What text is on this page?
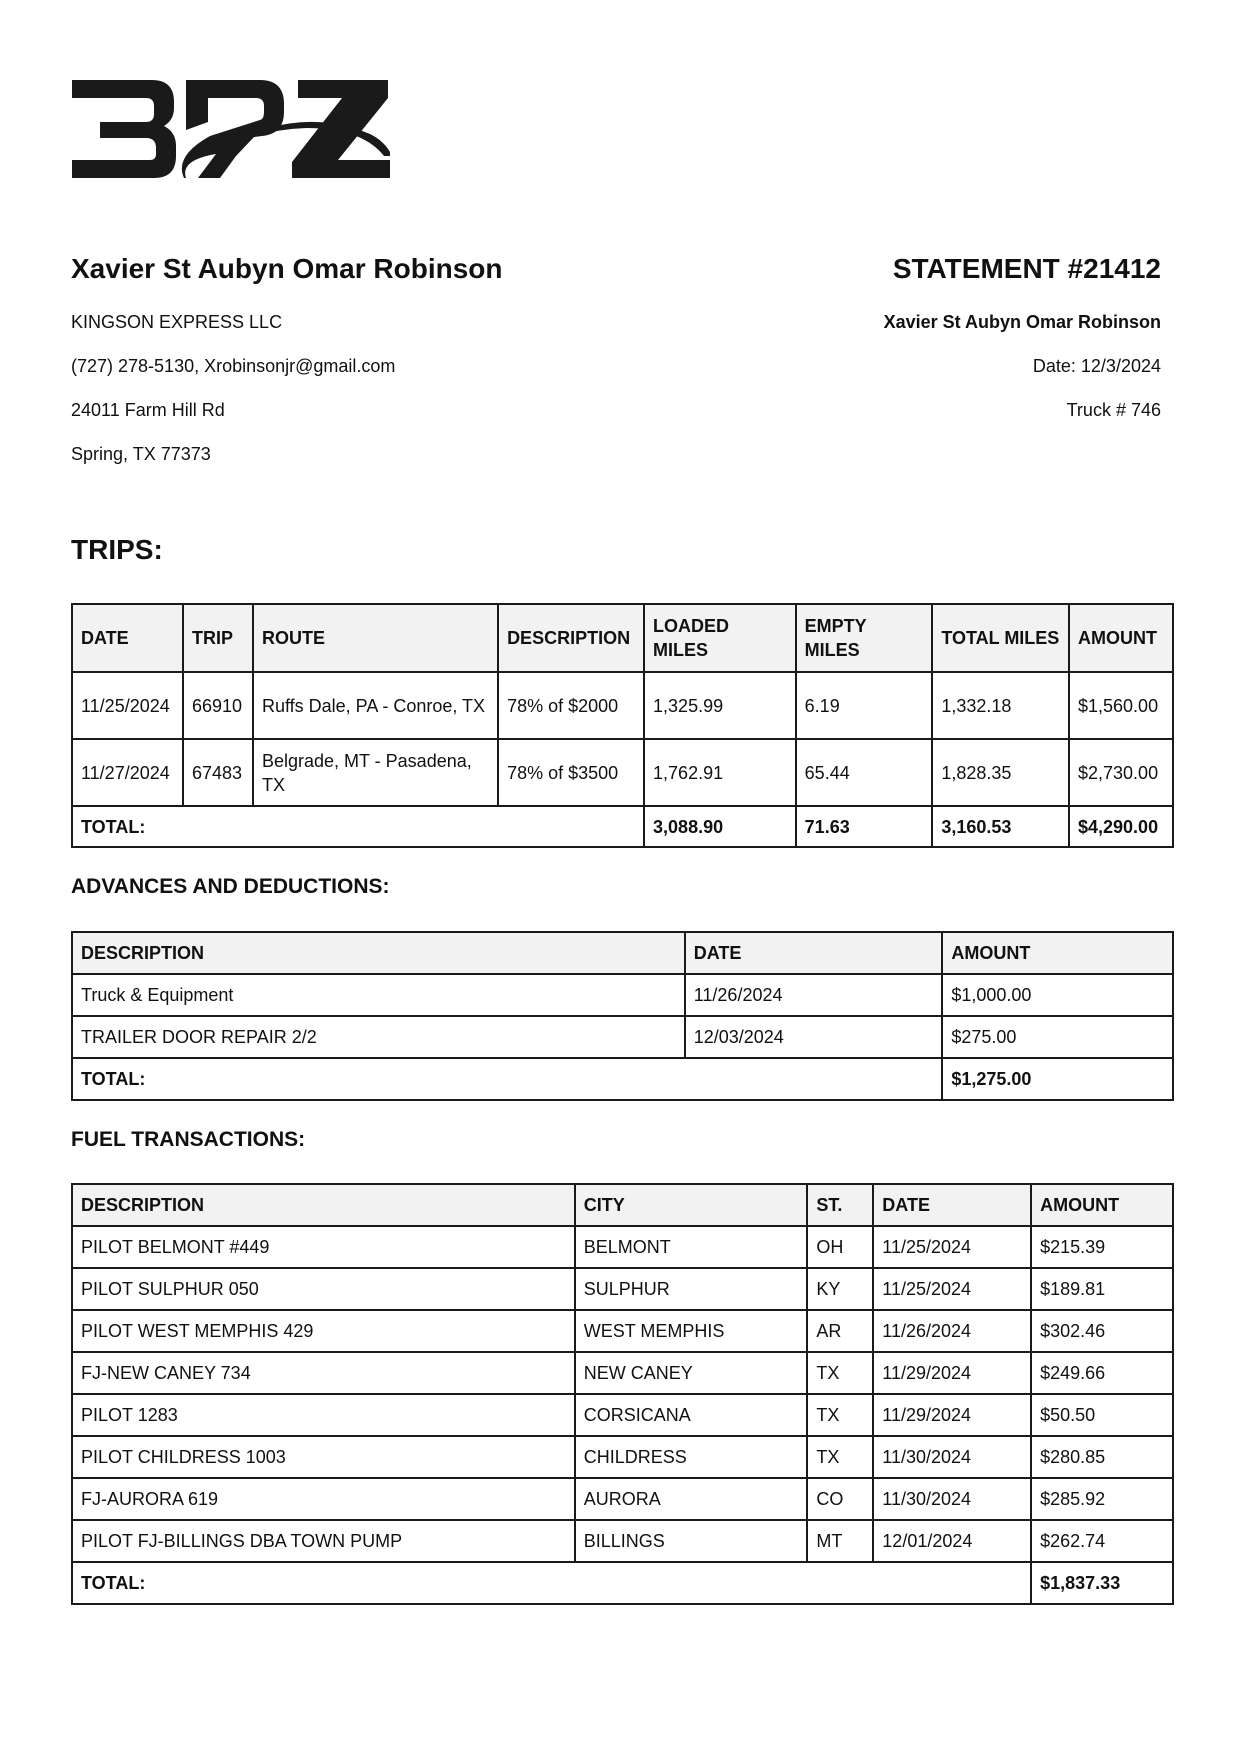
Xavier St Aubyn Omar Robinson

KINGSON EXPRESS LLC

(727) 278-5130, Xrobinsonjr@gmail.com

24011 Farm Hill Rd

Spring, TX 77373

STATEMENT #21412

Xavier St Aubyn Omar Robinson

Date: 12/3/2024

Truck # 746

TRIPS:
DATE	TRIP	ROUTE	DESCRIPTION	LOADED MILES	EMPTY MILES	TOTAL MILES	AMOUNT
11/25/2024	66910	Ruffs Dale, PA - Conroe, TX	78% of $2000	1,325.99	6.19	1,332.18	$1,560.00
11/27/2024	67483	Belgrade, MT - Pasadena, TX	78% of $3500	1,762.91	65.44	1,828.35	$2,730.00
TOTAL:				3,088.90	71.63	3,160.53	$4,290.00
ADVANCES AND DEDUCTIONS:
DESCRIPTION	DATE	AMOUNT
Truck & Equipment	11/26/2024	$1,000.00
TRAILER DOOR REPAIR 2/2	12/03/2024	$275.00
TOTAL:		$1,275.00
FUEL TRANSACTIONS:
DESCRIPTION	CITY	ST.	DATE	AMOUNT
PILOT BELMONT #449	BELMONT	OH	11/25/2024	$215.39
PILOT SULPHUR 050	SULPHUR	KY	11/25/2024	$189.81
PILOT WEST MEMPHIS 429	WEST MEMPHIS	AR	11/26/2024	$302.46
FJ-NEW CANEY 734	NEW CANEY	TX	11/29/2024	$249.66
PILOT 1283	CORSICANA	TX	11/29/2024	$50.50
PILOT CHILDRESS 1003	CHILDRESS	TX	11/30/2024	$280.85
FJ-AURORA 619	AURORA	CO	11/30/2024	$285.92
PILOT FJ-BILLINGS DBA TOWN PUMP	BILLINGS	MT	12/01/2024	$262.74
TOTAL:				$1,837.33
